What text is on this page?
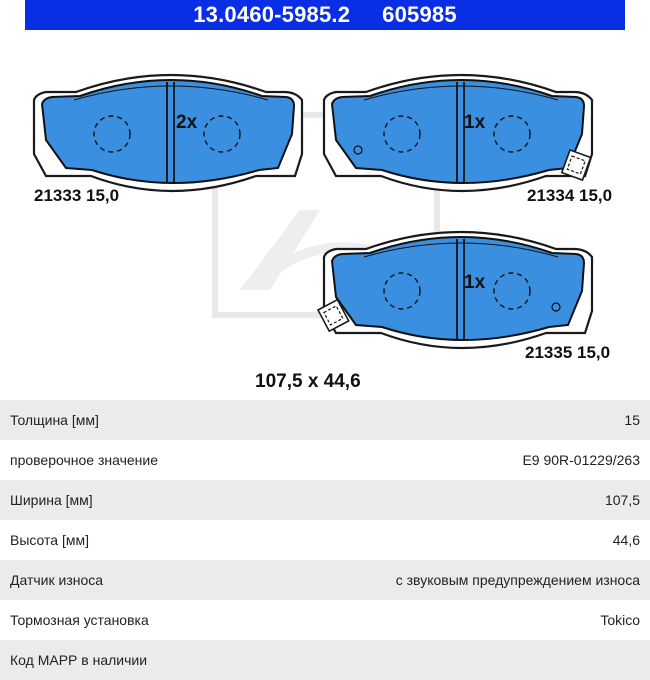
13.0460-5985.2 605985
2x
21333 15,0
1x
21334 15,0
1x
21335 15,0
107,5 x 44,6
Толщина [мм]	15
проверочное значение	E9 90R-01229/263
Ширина [мм]	107,5
Высота [мм]	44,6
Датчик износа	с звуковым предупреждением износа
Тормозная установка	Tokico
Код МАРР в наличии
